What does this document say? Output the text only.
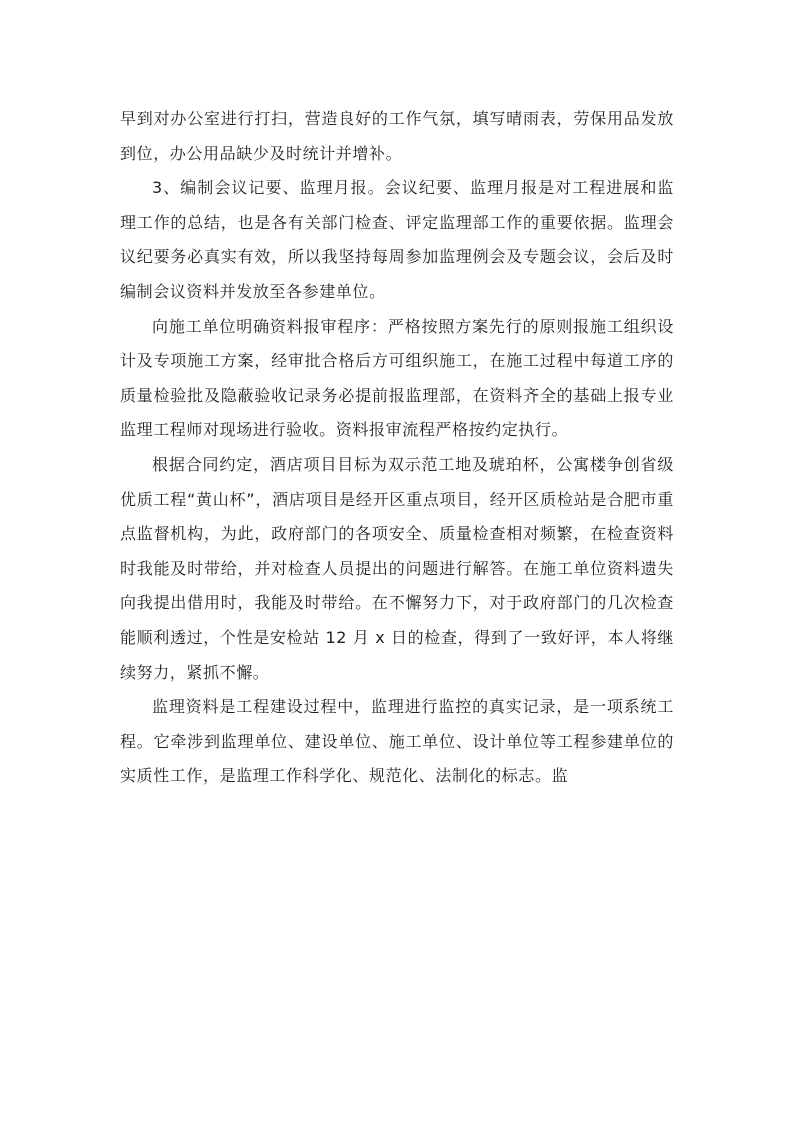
早到对办公室进行打扫，营造良好的工作气氛，填写晴雨表，劳保用品发放到位，办公用品缺少及时统计并增补。

3、编制会议记要、监理月报。会议纪要、监理月报是对工程进展和监理工作的总结，也是各有关部门检查、评定监理部工作的重要依据。监理会议纪要务必真实有效，所以我坚持每周参加监理例会及专题会议，会后及时编制会议资料并发放至各参建单位。

向施工单位明确资料报审程序：严格按照方案先行的原则报施工组织设计及专项施工方案，经审批合格后方可组织施工，在施工过程中每道工序的质量检验批及隐蔽验收记录务必提前报监理部，在资料齐全的基础上报专业监理工程师对现场进行验收。资料报审流程严格按约定执行。

根据合同约定，酒店项目目标为双示范工地及琥珀杯，公寓楼争创省级优质工程“黄山杯”，酒店项目是经开区重点项目，经开区质检站是合肥市重点监督机构，为此，政府部门的各项安全、质量检查相对频繁，在检查资料时我能及时带给，并对检查人员提出的问题进行解答。在施工单位资料遗失向我提出借用时，我能及时带给。在不懈努力下，对于政府部门的几次检查能顺利透过，个性是安检站 12 月 x 日的检查，得到了一致好评，本人将继续努力，紧抓不懈。

监理资料是工程建设过程中，监理进行监控的真实记录，是一项系统工程。它牵涉到监理单位、建设单位、施工单位、设计单位等工程参建单位的实质性工作，是监理工作科学化、规范化、法制化的标志。监
